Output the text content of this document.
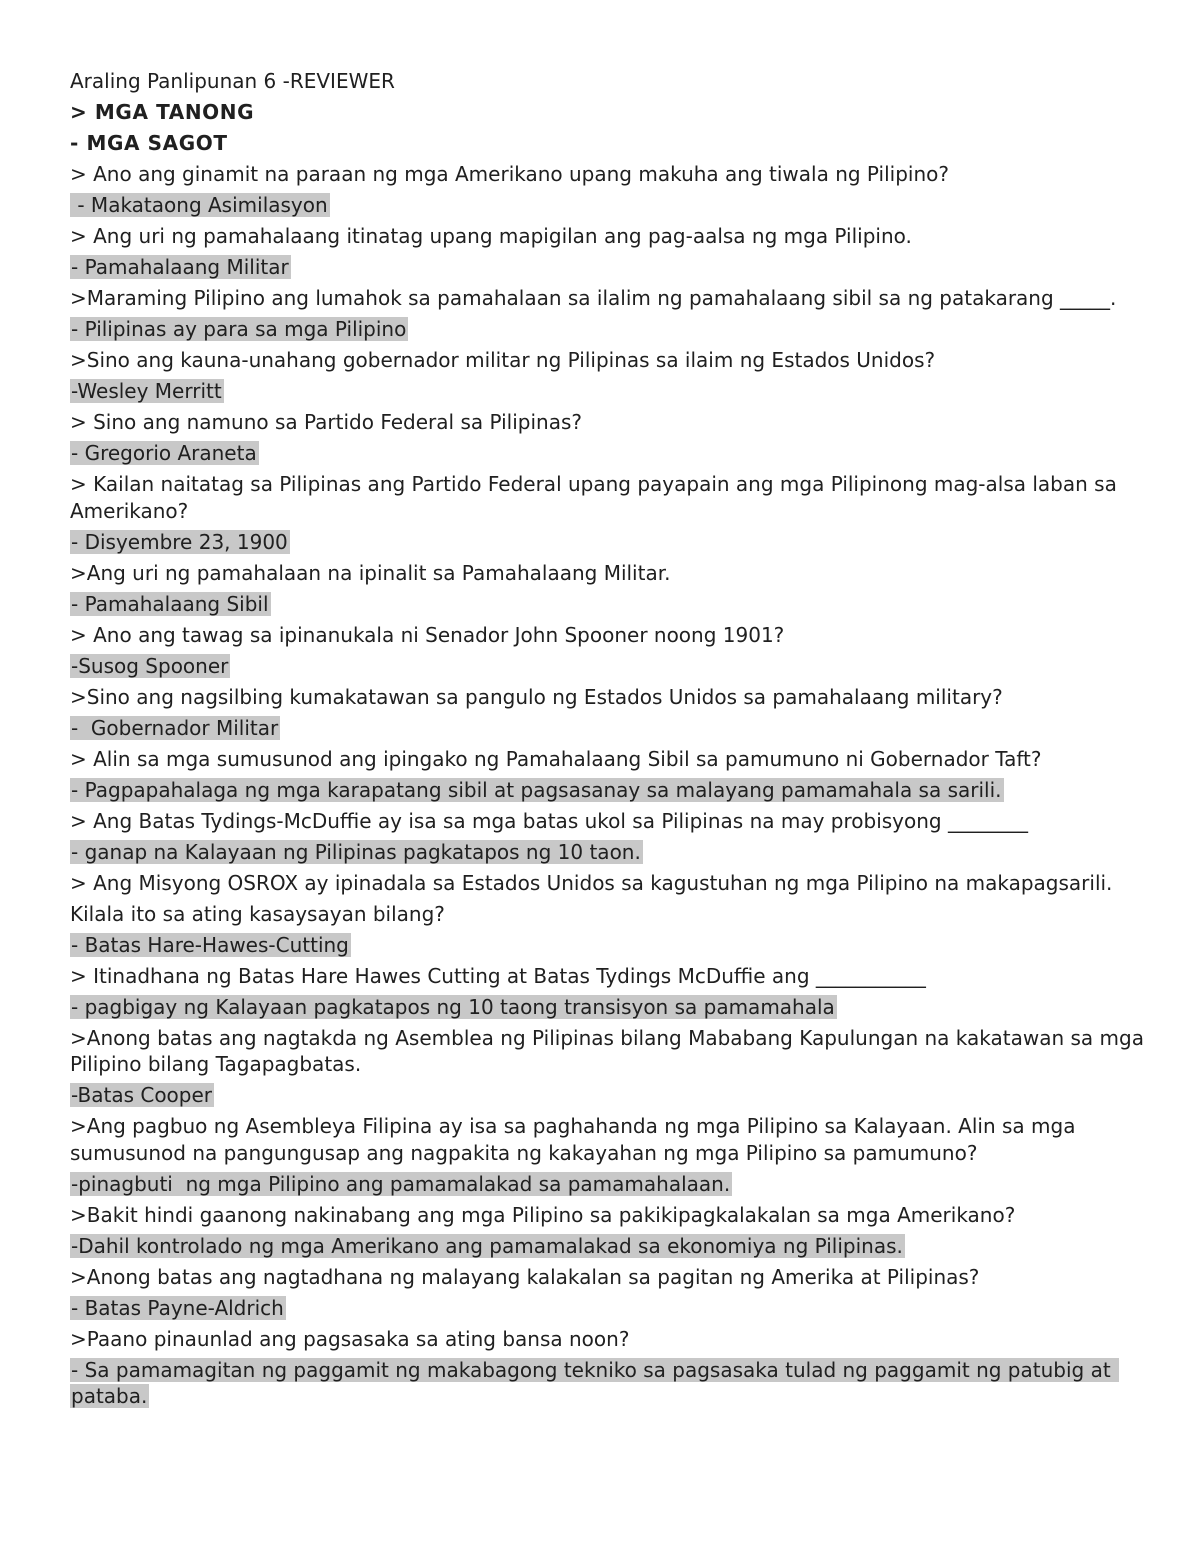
Araling Panlipunan 6 -REVIEWER

> MGA TANONG

- MGA SAGOT

> Ano ang ginamit na paraan ng mga Amerikano upang makuha ang tiwala ng Pilipino?

- Makataong Asimilasyon

> Ang uri ng pamahalaang itinatag upang mapigilan ang pag-aalsa ng mga Pilipino.

- Pamahalaang Militar

>Maraming Pilipino ang lumahok sa pamahalaan sa ilalim ng pamahalaang sibil sa ng patakarang _____.

- Pilipinas ay para sa mga Pilipino

>Sino ang kauna-unahang gobernador militar ng Pilipinas sa ilaim ng Estados Unidos?

-Wesley Merritt

> Sino ang namuno sa Partido Federal sa Pilipinas?

- Gregorio Araneta

> Kailan naitatag sa Pilipinas ang Partido Federal upang payapain ang mga Pilipinong mag-alsa laban sa Amerikano?

- Disyembre 23, 1900

>Ang uri ng pamahalaan na ipinalit sa Pamahalaang Militar.

- Pamahalaang Sibil

> Ano ang tawag sa ipinanukala ni Senador John Spooner noong 1901?

-Susog Spooner

>Sino ang nagsilbing kumakatawan sa pangulo ng Estados Unidos sa pamahalaang military?

-  Gobernador Militar

> Alin sa mga sumusunod ang ipingako ng Pamahalaang Sibil sa pamumuno ni Gobernador Taft?

- Pagpapahalaga ng mga karapatang sibil at pagsasanay sa malayang pamamahala sa sarili.

> Ang Batas Tydings-McDuffie ay isa sa mga batas ukol sa Pilipinas na may probisyong ________

- ganap na Kalayaan ng Pilipinas pagkatapos ng 10 taon.

> Ang Misyong OSROX ay ipinadala sa Estados Unidos sa kagustuhan ng mga Pilipino na makapagsarili.

Kilala ito sa ating kasaysayan bilang?

- Batas Hare-Hawes-Cutting

> Itinadhana ng Batas Hare Hawes Cutting at Batas Tydings McDuffie ang ___________

- pagbigay ng Kalayaan pagkatapos ng 10 taong transisyon sa pamamahala

>Anong batas ang nagtakda ng Asemblea ng Pilipinas bilang Mababang Kapulungan na kakatawan sa mga Pilipino bilang Tagapagbatas.

-Batas Cooper

>Ang pagbuo ng Asembleya Filipina ay isa sa paghahanda ng mga Pilipino sa Kalayaan. Alin sa mga sumusunod na pangungusap ang nagpakita ng kakayahan ng mga Pilipino sa pamumuno?

-pinagbuti  ng mga Pilipino ang pamamalakad sa pamamahalaan.

>Bakit hindi gaanong nakinabang ang mga Pilipino sa pakikipagkalakalan sa mga Amerikano?

-Dahil kontrolado ng mga Amerikano ang pamamalakad sa ekonomiya ng Pilipinas.

>Anong batas ang nagtadhana ng malayang kalakalan sa pagitan ng Amerika at Pilipinas?

- Batas Payne-Aldrich

>Paano pinaunlad ang pagsasaka sa ating bansa noon?

- Sa pamamagitan ng paggamit ng makabagong tekniko sa pagsasaka tulad ng paggamit ng patubig at pataba.
